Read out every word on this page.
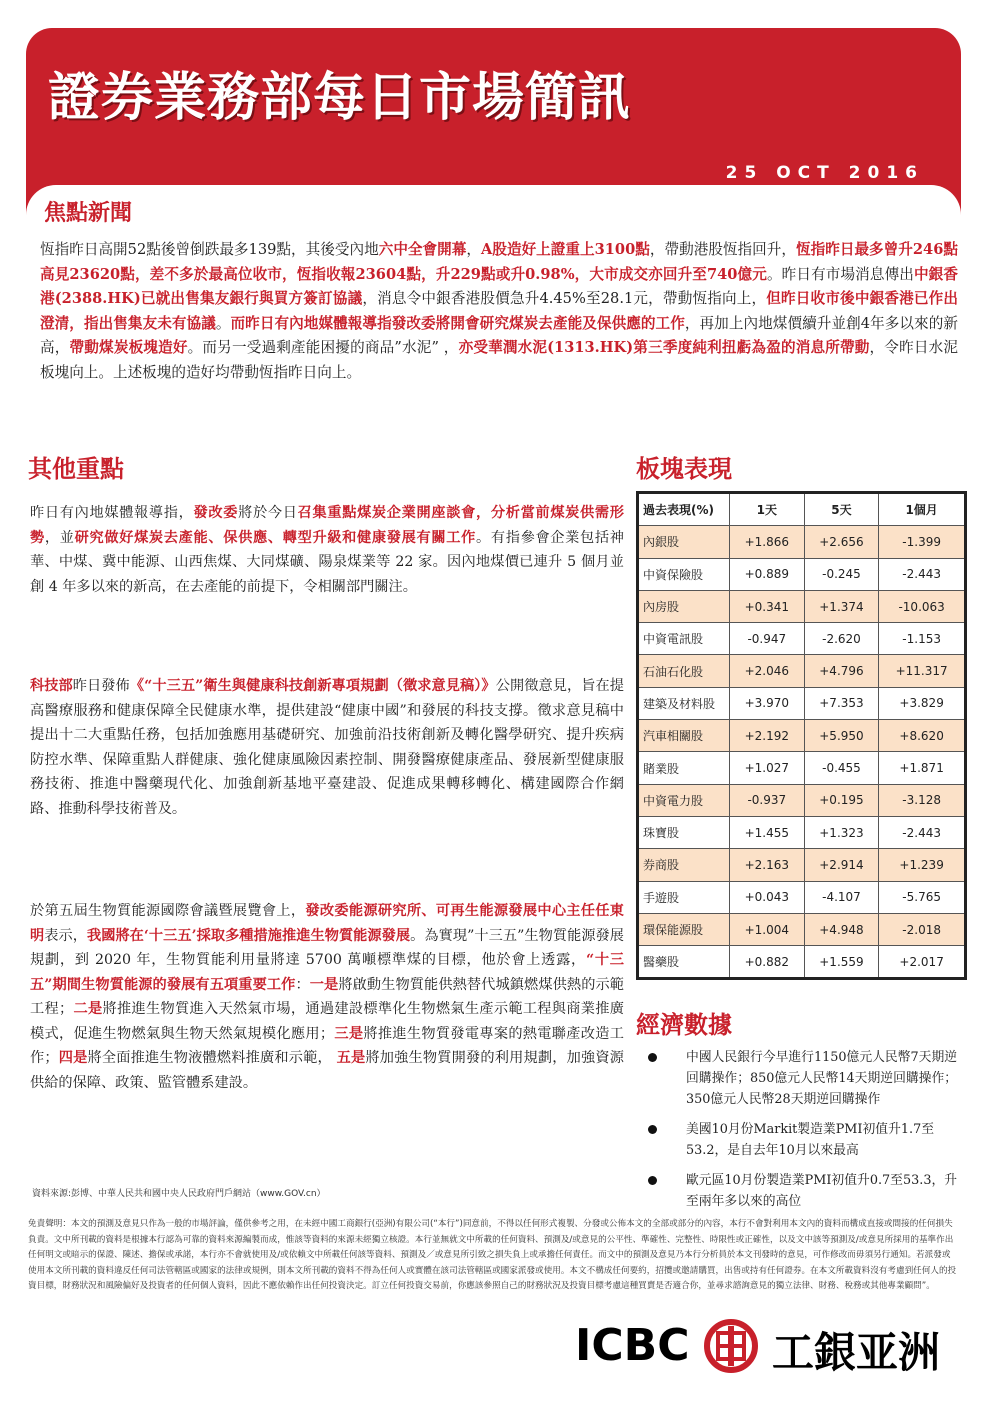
證券業務部每日市場簡訊
25 OCT 2016
焦點新聞
恆指昨日高開52點後曾倒跌最多139點，其後受內地六中全會開幕，A股造好上證重上3100點，帶動港股恆指回升，恆指昨日最多曾升246點高見23620點，差不多於最高位收市，恆指收報23604點，升229點或升0.98%，大市成交亦回升至740億元。昨日有市場消息傳出中銀香港(2388.HK)已就出售集友銀行與買方簽訂協議，消息令中銀香港股價急升4.45%至28.1元，帶動恆指向上，但昨日收市後中銀香港已作出澄清，指出售集友未有協議。而昨日有內地媒體報導指發改委將開會研究煤炭去產能及保供應的工作，再加上內地煤價續升並創4年多以來的新高，帶動煤炭板塊造好。而另一受過剩產能困擾的商品”水泥” ，亦受華潤水泥(1313.HK)第三季度純利扭虧為盈的消息所帶動，令昨日水泥板塊向上。上述板塊的造好均帶動恆指昨日向上。
其他重點
昨日有內地媒體報導指，發改委將於今日召集重點煤炭企業開座談會，分析當前煤炭供需形勢，並研究做好煤炭去產能、保供應、轉型升級和健康發展有關工作。有指參會企業包括神華、中煤、冀中能源、山西焦煤、大同煤礦、陽泉煤業等 22 家。因內地煤價已連升 5 個月並創 4 年多以來的新高，在去產能的前提下，令相關部門關注。
科技部昨日發佈《“十三五”衛生與健康科技創新專項規劃（徵求意見稿）》公開徵意見，旨在提高醫療服務和健康保障全民健康水準，提供建設“健康中國”和發展的科技支撐。徵求意見稿中提出十二大重點任務，包括加強應用基礎研究、加強前沿技術創新及轉化醫學研究、提升疾病防控水準、保障重點人群健康、強化健康風險因素控制、開發醫療健康產品、發展新型健康服務技術、推進中醫藥現代化、加強創新基地平臺建設、促進成果轉移轉化、構建國際合作網路、推動科學技術普及。
於第五屆生物質能源國際會議暨展覽會上，發改委能源研究所、可再生能源發展中心主任任東明表示，我國將在‘十三五’採取多種措施推進生物質能源發展。為實現”十三五”生物質能源發展規劃，到 2020 年，生物質能利用量將達 5700 萬噸標準煤的目標，他於會上透露，“十三五”期間生物質能源的發展有五項重要工作：一是將啟動生物質能供熱替代城鎮燃煤供熱的示範工程；二是將推進生物質進入天然氣市場，通過建設標準化生物燃氣生產示範工程與商業推廣模式，促進生物燃氣與生物天然氣規模化應用；三是將推進生物質發電專案的熱電聯產改造工作；四是將全面推進生物液體燃料推廣和示範， 五是將加強生物質開發的利用規劃，加強資源供給的保障、政策、監管體系建設。
板塊表現
過去表現(%)	1天	5天	1個月
內銀股	+1.866	+2.656	-1.399
中資保險股	+0.889	-0.245	-2.443
內房股	+0.341	+1.374	-10.063
中資電訊股	-0.947	-2.620	-1.153
石油石化股	+2.046	+4.796	+11.317
建築及材料股	+3.970	+7.353	+3.829
汽車相關股	+2.192	+5.950	+8.620
賭業股	+1.027	-0.455	+1.871
中資電力股	-0.937	+0.195	-3.128
珠寶股	+1.455	+1.323	-2.443
券商股	+2.163	+2.914	+1.239
手遊股	+0.043	-4.107	-5.765
環保能源股	+1.004	+4.948	-2.018
醫藥股	+0.882	+1.559	+2.017
經濟數據
中國人民銀行今早進行1150億元人民幣7天期逆回購操作；850億元人民幣14天期逆回購操作；350億元人民幣28天期逆回購操作
美國10月份Markit製造業PMI初值升1.7至53.2，是自去年10月以來最高
歐元區10月份製造業PMI初值升0.7至53.3，升至兩年多以來的高位
資料來源:彭博、中華人民共和國中央人民政府門戶網站（www.GOV.cn）
免責聲明：本文的預測及意見只作為一般的市場評論，僅供參考之用，在未經中國工商銀行(亞洲)有限公司(“本行”)同意前，不得以任何形式複製、分發或公佈本文的全部或部分的內容，本行不會對利用本文內的資料而構成直接或間接的任何損失負責。文中所刊載的資料是根據本行認為可靠的資料來源編製而成，惟該等資料的來源未經獨立核證。本行並無就文中所載的任何資料、預測及/或意見的公平性、準確性、完整性、時限性或正確性，以及文中該等預測及/或意見所採用的基準作出任何明文或暗示的保證、陳述、擔保或承諾，本行亦不會就使用及/或依賴文中所載任何該等資料、預測及／或意見所引致之損失負上或承擔任何責任。而文中的預測及意見乃本行分析員於本文刊發時的意見，可作修改而毋須另行通知。若派發或使用本文所刊載的資料違反任何司法管轄區或國家的法律或規例，則本文所刊載的資料不得為任何人或實體在該司法管轄區或國家派發或使用。本文不構成任何要約，招攬或邀請購買，出售或持有任何證券。在本文所載資料沒有考慮到任何人的投資目標，財務狀況和風險偏好及投資者的任何個人資料，因此不應依賴作出任何投資決定。訂立任何投資交易前，你應該參照自己的財務狀況及投資目標考慮這種買賣是否適合你，並尋求諮詢意見的獨立法律、財務、稅務或其他專業顧問”。
ICBC 工銀亚洲
